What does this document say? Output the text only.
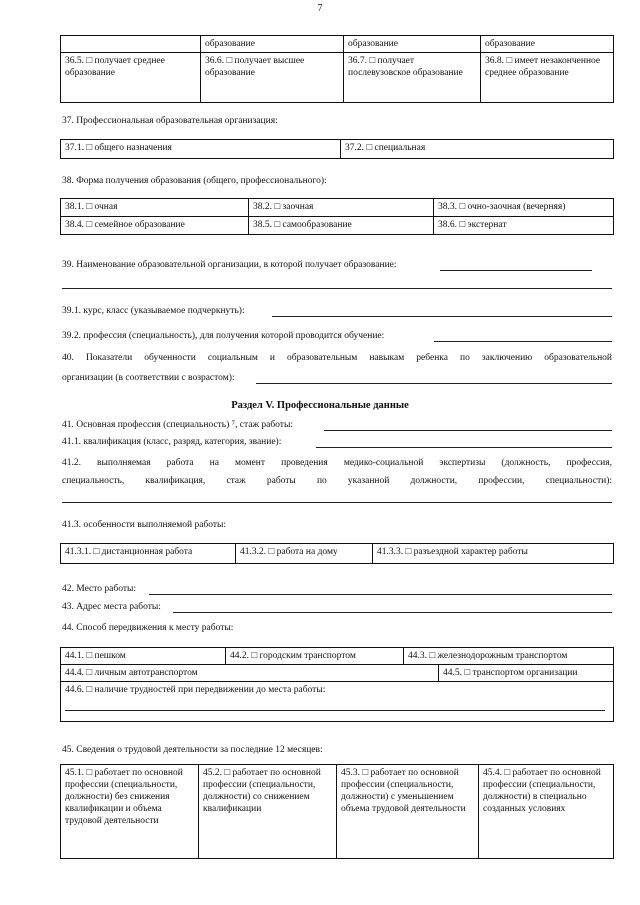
7
	образование	образование	образование
36.5. □ получает среднее образование	36.6. □ получает высшее образование	36.7. □ получает послевузовское образование	36.8. □ имеет незаконченное среднее образование
37. Профессиональная образовательная организация:
37.1. □ общего назначения	37.2. □ специальная
38. Форма получения образования (общего, профессионального):
38.1. □ очная	38.2. □ заочная	38.3. □ очно-заочная (вечерняя)
38.4. □ семейное образование	38.5. □ самообразование	38.6. □ экстернат
39. Наименование образовательной организации, в которой получает образование:
39.1. курс, класс (указываемое подчеркнуть):
39.2. профессия (специальность), для получения которой проводится обучение:
40. Показатели обученности социальным и образовательным навыкам ребенка по заключению образовательной
организации (в соответствии с возрастом):
Раздел V. Профессиональные данные
41. Основная профессия (специальность) ⁷, стаж работы:
41.1. квалификация (класс, разряд, категория, звание):
41.2. выполняемая работа на момент проведения медико-социальной экспертизы (должность, профессия,
специальность, квалификация, стаж работы по указанной должности, профессии, специальности):
41.3. особенности выполняемой работы:
41.3.1. □ дистанционная работа	41.3.2. □ работа на дому	41.3.3. □ разъездной характер работы
42. Место работы:
43. Адрес места работы:
44. Способ передвижения к месту работы:
44.1. □ пешком	44.2. □ городским транспортом	44.3. □ железнодорожным транспортом	
44.4. □ личным автотранспортом			44.5. □ транспортом организации

44.6. □ наличие трудностей при передвижении до места работы:			
45. Сведения о трудовой деятельности за последние 12 месяцев:
45.1. □ работает по основной профессии (специальности, должности) без снижения квалификации и объема трудовой деятельности	45.2. □ работает по основной профессии (специальности, должности) со снижением квалификации	45.3. □ работает по основной профессии (специальности, должности) с уменьшением объема трудовой деятельности	45.4. □ работает по основной профессии (специальности, должности) в специально созданных условиях
